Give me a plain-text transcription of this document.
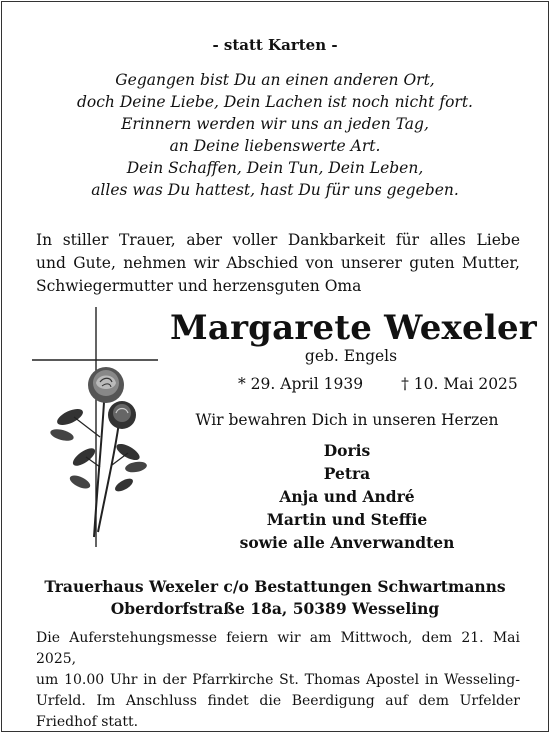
- statt Karten -
Gegangen bist Du an einen anderen Ort,
doch Deine Liebe, Dein Lachen ist noch nicht fort.
Erinnern werden wir uns an jeden Tag,
an Deine liebenswerte Art.
Dein Schaffen, Dein Tun, Dein Leben,
alles was Du hattest, hast Du für uns gegeben.
In stiller Trauer, aber voller Dankbarkeit für alles Liebe
und Gute, nehmen wir Abschied von unserer guten Mutter,
Schwiegermutter und herzensguten Oma
Margarete Wexeler
geb. Engels
* 29. April 1939 † 10. Mai 2025
Wir bewahren Dich in unseren Herzen
Doris
Petra
Anja und André
Martin und Steffie
sowie alle Anverwandten
Trauerhaus Wexeler c/o Bestattungen Schwartmanns
Oberdorfstraße 18a, 50389 Wesseling
Die Auferstehungsmesse feiern wir am Mittwoch, dem 21. Mai 2025,
um 10.00 Uhr in der Pfarrkirche St. Thomas Apostel in Wesseling-
Urfeld. Im Anschluss findet die Beerdigung auf dem Urfelder
Friedhof statt.
